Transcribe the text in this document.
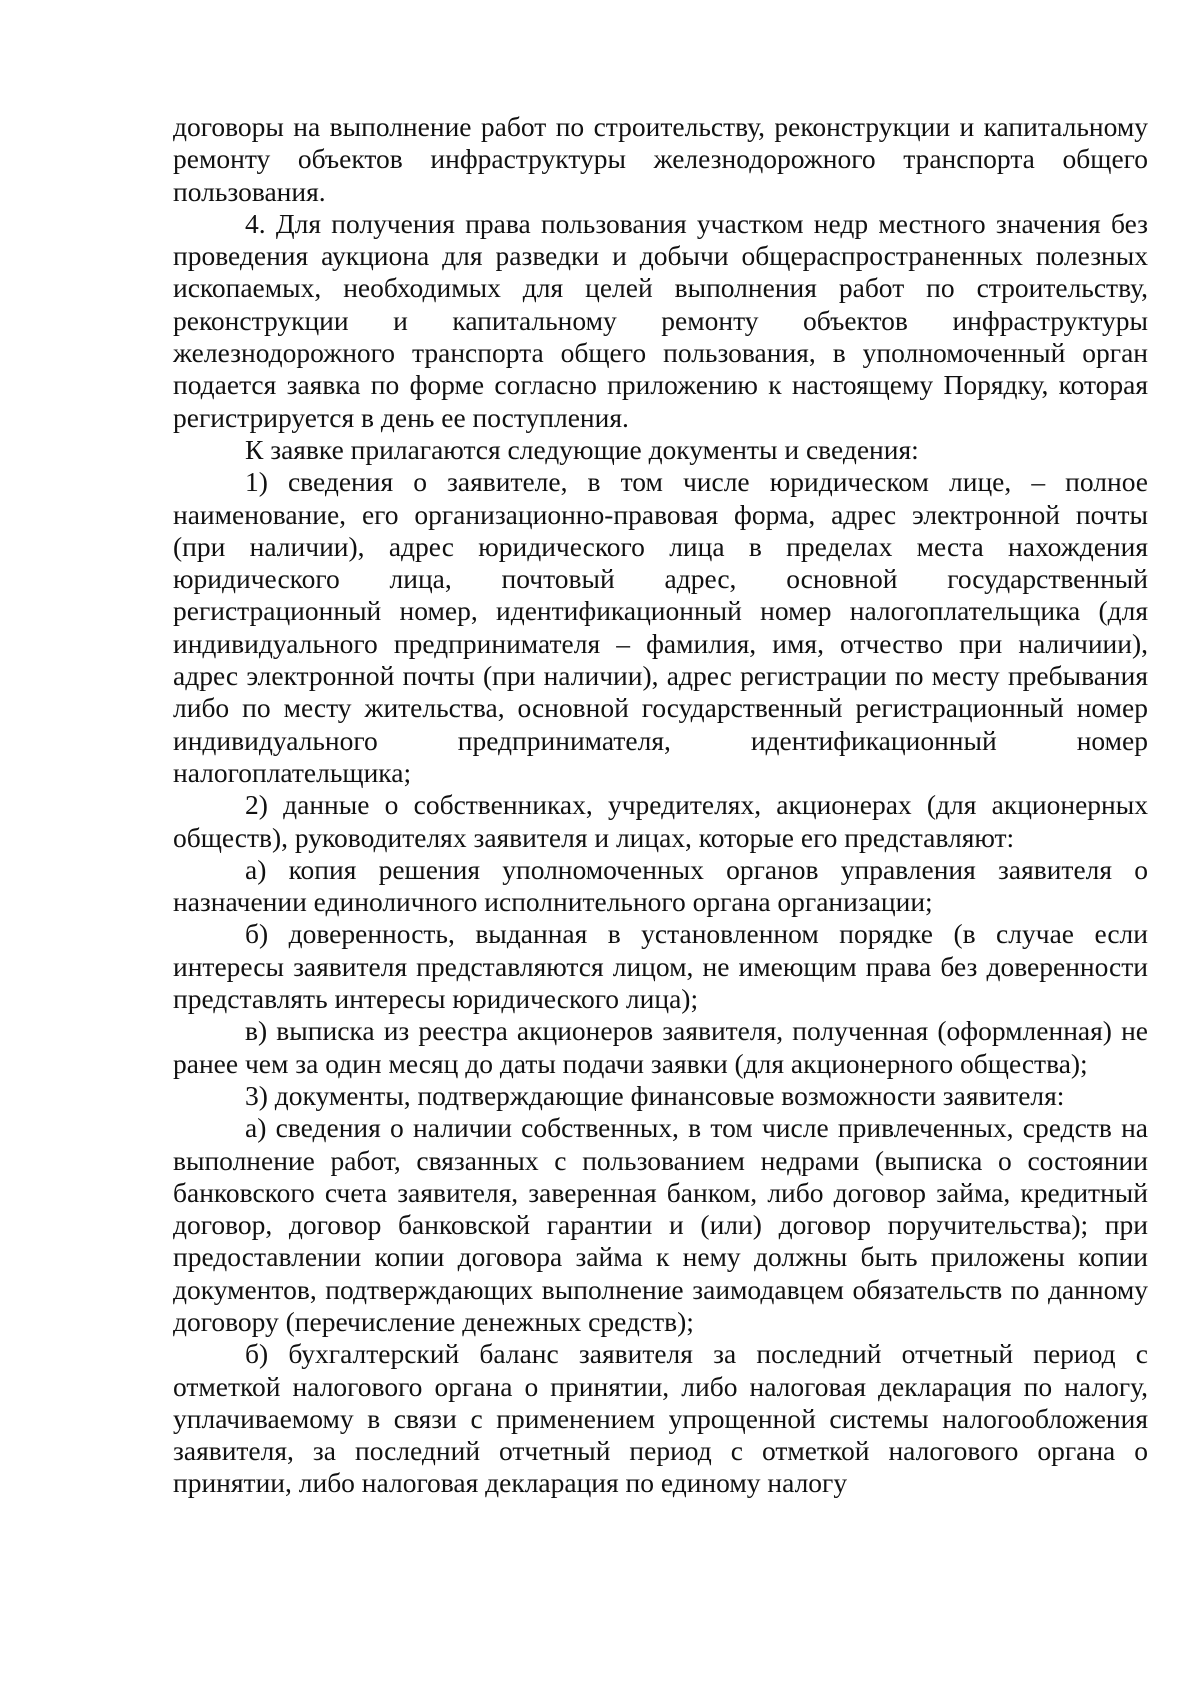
договоры на выполнение работ по строительству, реконструкции и капитальному ремонту объектов инфраструктуры железнодорожного транспорта общего пользования.

4. Для получения права пользования участком недр местного значения без проведения аукциона для разведки и добычи общераспространенных полезных ископаемых, необходимых для целей выполнения работ по строительству, реконструкции и капитальному ремонту объектов инфраструктуры железнодорожного транспорта общего пользования, в уполномоченный орган подается заявка по форме согласно приложению к настоящему Порядку, которая регистрируется в день ее поступления.

К заявке прилагаются следующие документы и сведения:

1) сведения о заявителе, в том числе юридическом лице, – полное наименование, его организационно-правовая форма, адрес электронной почты (при наличии), адрес юридического лица в пределах места нахождения юридического лица, почтовый адрес, основной государственный регистрационный номер, идентификационный номер налогоплательщика (для индивидуального предпринимателя – фамилия, имя, отчество при наличиии), адрес электронной почты (при наличии), адрес регистрации по месту пребывания либо по месту жительства, основной государственный регистрационный номер индивидуального предпринимателя, идентификационный номер налогоплательщика;

2) данные о собственниках, учредителях, акционерах (для акционерных обществ), руководителях заявителя и лицах, которые его представляют:

а) копия решения уполномоченных органов управления заявителя о назначении единоличного исполнительного органа организации;

б) доверенность, выданная в установленном порядке (в случае если интересы заявителя представляются лицом, не имеющим права без доверенности представлять интересы юридического лица);

в) выписка из реестра акционеров заявителя, полученная (оформленная) не ранее чем за один месяц до даты подачи заявки (для акционерного общества);

3) документы, подтверждающие финансовые возможности заявителя:

а) сведения о наличии собственных, в том числе привлеченных, средств на выполнение работ, связанных с пользованием недрами (выписка о состоянии банковского счета заявителя, заверенная банком, либо договор займа, кредитный договор, договор банковской гарантии и (или) договор поручительства); при предоставлении копии договора займа к нему должны быть приложены копии документов, подтверждающих выполнение заимодавцем обязательств по данному договору (перечисление денежных средств);

б) бухгалтерский баланс заявителя за последний отчетный период с отметкой налогового органа о принятии, либо налоговая декларация по налогу, уплачиваемому в связи с применением упрощенной системы налогообложения заявителя, за последний отчетный период с отметкой налогового органа о принятии, либо налоговая декларация по единому налогу
